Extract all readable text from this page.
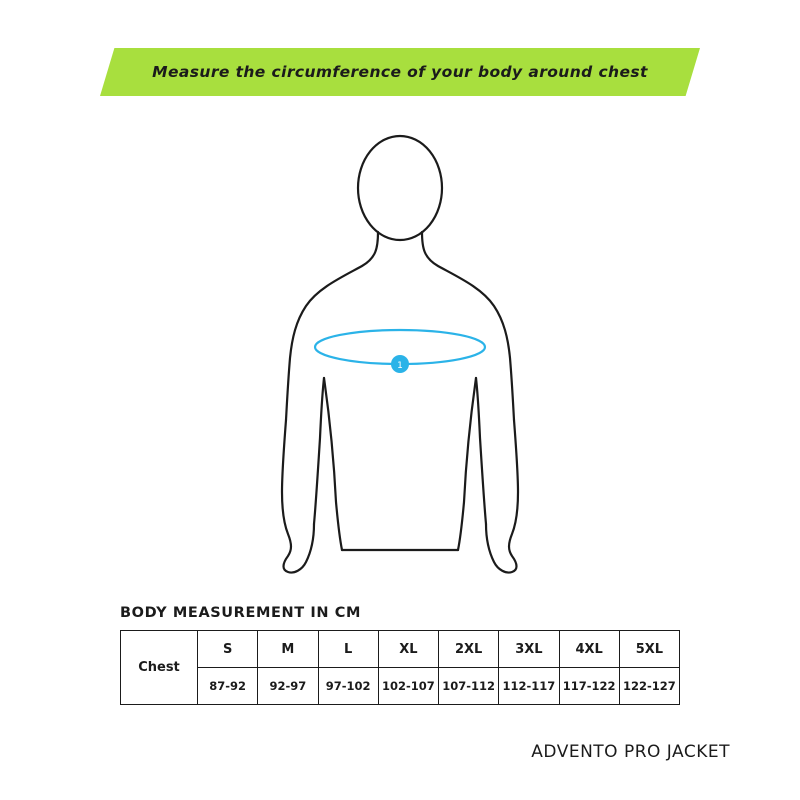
Measure the circumference of your body around chest
1
BODY MEASUREMENT IN CM
Chest	S	M	L	XL	2XL	3XL	4XL	5XL
	87-92	92-97	97-102	102-107	107-112	112-117	117-122	122-127
ADVENTO PRO JACKET
